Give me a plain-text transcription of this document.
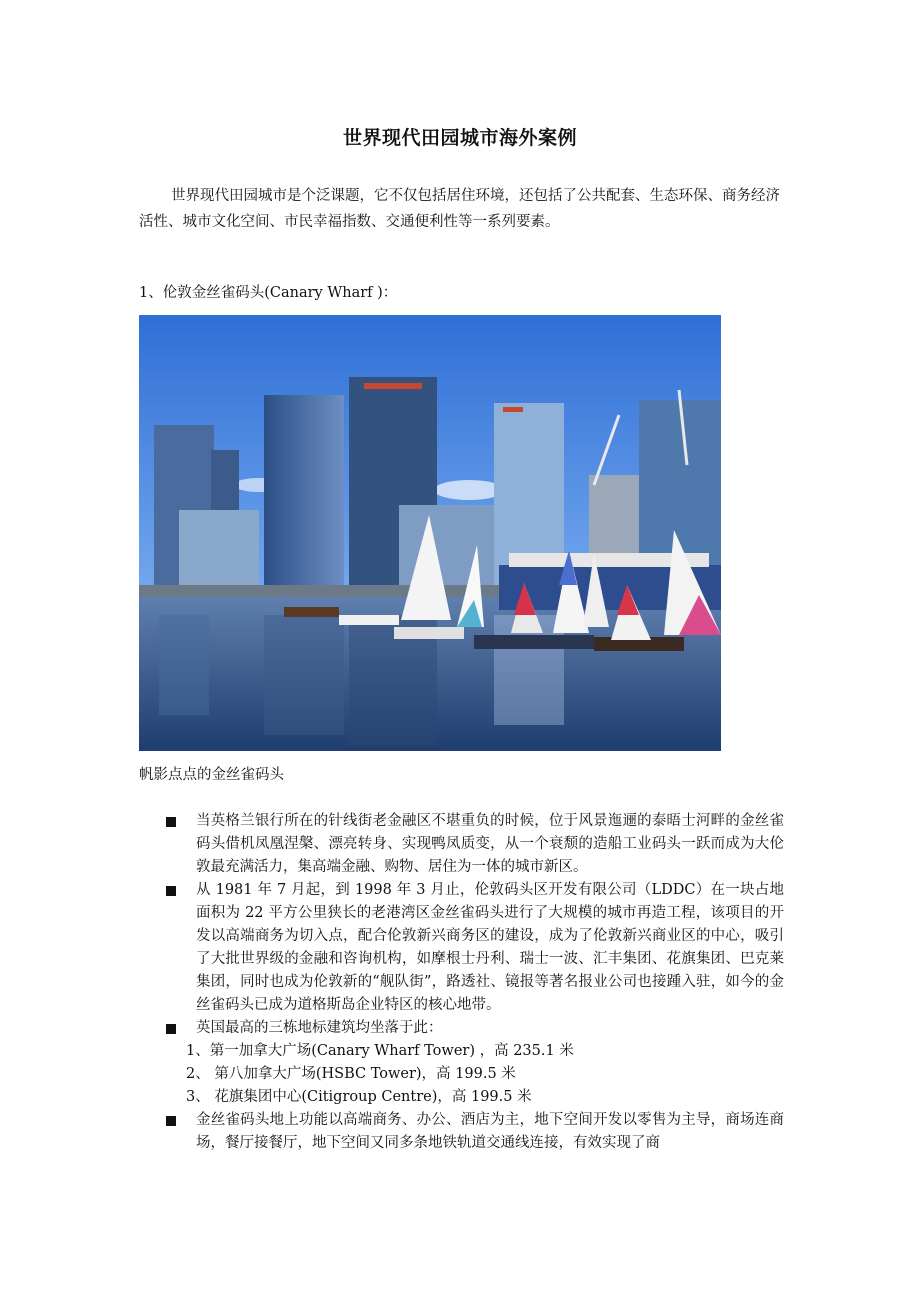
世界现代田园城市海外案例

世界现代田园城市是个泛课题，它不仅包括居住环境，还包括了公共配套、生态环保、商务经济活性、城市文化空间、市民幸福指数、交通便利性等一系列要素。

1、伦敦金丝雀码头(Canary Wharf )：

帆影点点的金丝雀码头

当英格兰银行所在的针线街老金融区不堪重负的时候，位于风景迤逦的泰晤士河畔的金丝雀码头借机凤凰涅槃、漂亮转身、实现鸭凤质变，从一个衰颓的造船工业码头一跃而成为大伦敦最充满活力，集高端金融、购物、居住为一体的城市新区。
从 1981 年 7 月起，到 1998 年 3 月止，伦敦码头区开发有限公司（LDDC）在一块占地面积为 22 平方公里狭长的老港湾区金丝雀码头进行了大规模的城市再造工程，该项目的开发以高端商务为切入点，配合伦敦新兴商务区的建设，成为了伦敦新兴商业区的中心，吸引了大批世界级的金融和咨询机构，如摩根士丹利、瑞士一波、汇丰集团、花旗集团、巴克莱集团，同时也成为伦敦新的“舰队街”，路透社、镜报等著名报业公司也接踵入驻，如今的金丝雀码头已成为道格斯岛企业特区的核心地带。
英国最高的三栋地标建筑均坐落于此：
1、第一加拿大广场(Canary Wharf Tower) ，高 235.1 米
2、 第八加拿大广场(HSBC Tower)，高 199.5 米
3、 花旗集团中心(Citigroup Centre)，高 199.5 米
金丝雀码头地上功能以高端商务、办公、酒店为主，地下空间开发以零售为主导，商场连商场，餐厅接餐厅，地下空间又同多条地铁轨道交通线连接，有效实现了商
